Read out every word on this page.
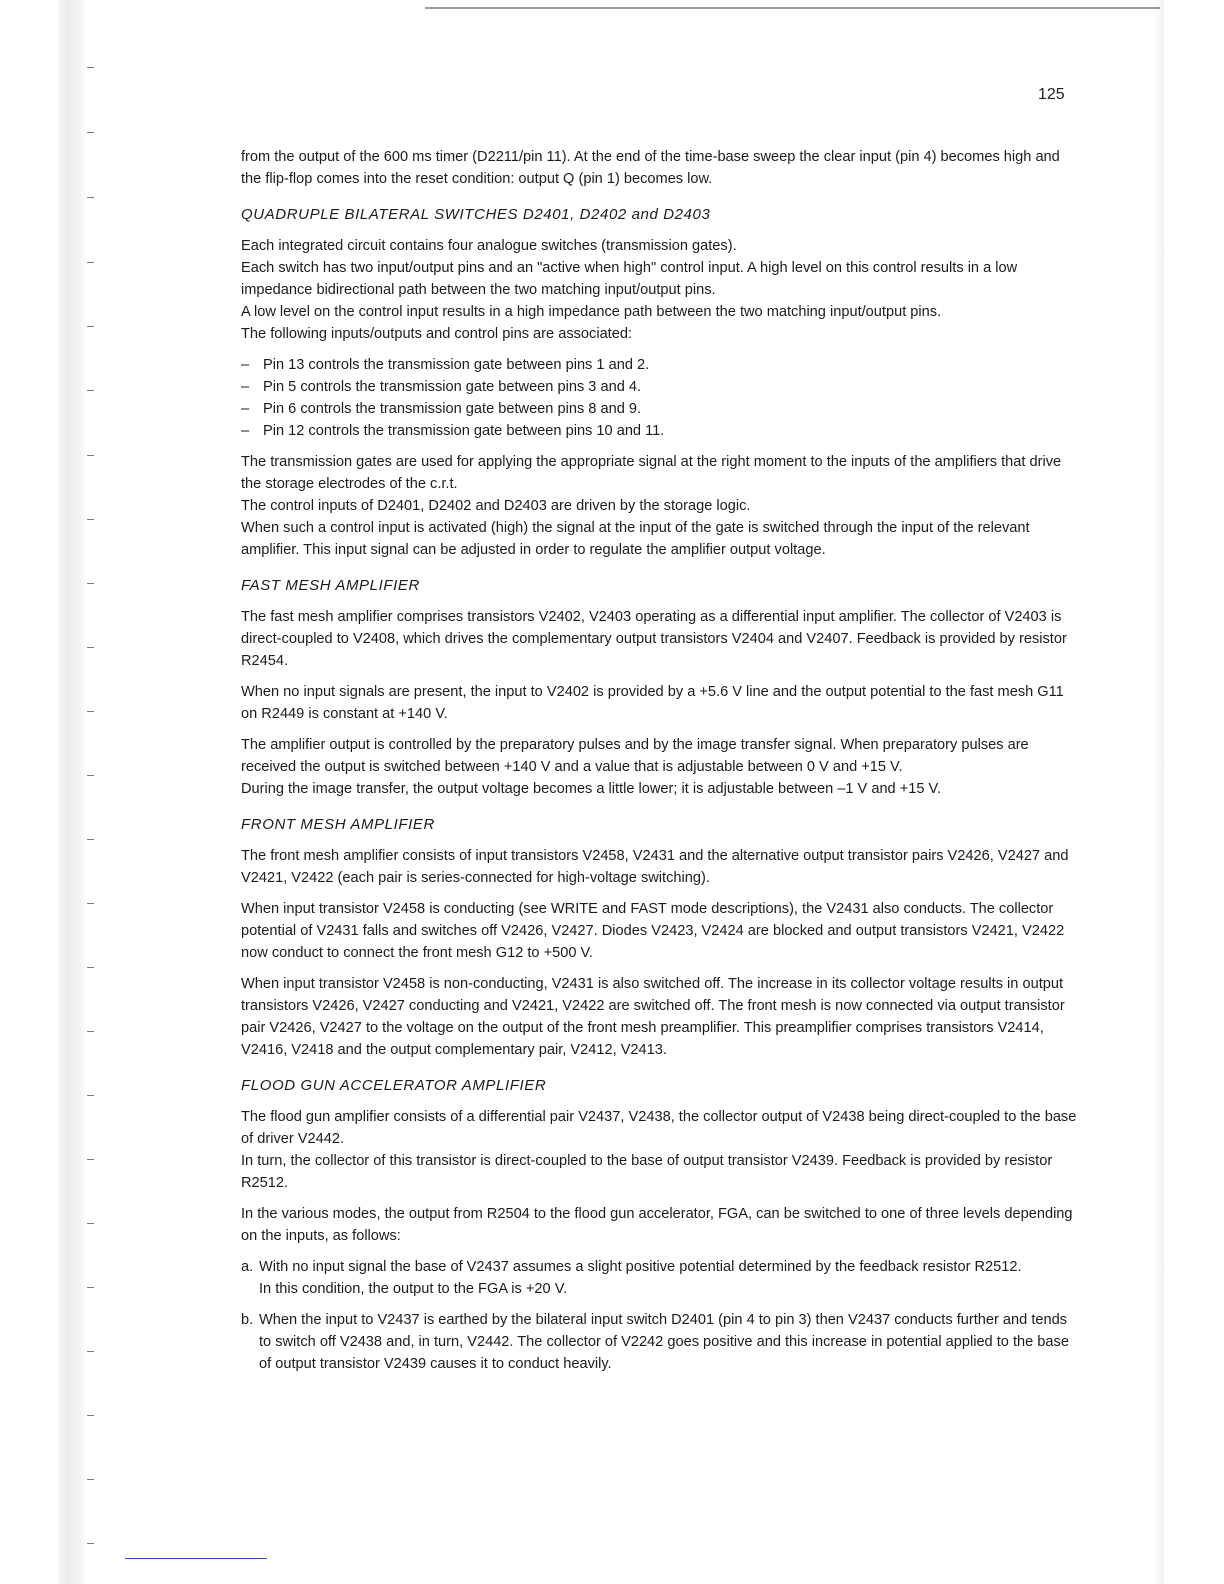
125

from the output of the 600 ms timer (D2211/pin 11). At the end of the time-base sweep the clear input (pin 4) becomes high and the flip-flop comes into the reset condition: output Q (pin 1) becomes low.

QUADRUPLE BILATERAL SWITCHES D2401, D2402 and D2403

Each integrated circuit contains four analogue switches (transmission gates).

Each switch has two input/output pins and an "active when high" control input. A high level on this control results in a low impedance bidirectional path between the two matching input/output pins.

A low level on the control input results in a high impedance path between the two matching input/output pins.

The following inputs/outputs and control pins are associated:

– Pin 13 controls the transmission gate between pins 1 and 2.
– Pin 5 controls the transmission gate between pins 3 and 4.
– Pin 6 controls the transmission gate between pins 8 and 9.
– Pin 12 controls the transmission gate between pins 10 and 11.

The transmission gates are used for applying the appropriate signal at the right moment to the inputs of the amplifiers that drive the storage electrodes of the c.r.t.

The control inputs of D2401, D2402 and D2403 are driven by the storage logic.

When such a control input is activated (high) the signal at the input of the gate is switched through the input of the relevant amplifier. This input signal can be adjusted in order to regulate the amplifier output voltage.

FAST MESH AMPLIFIER

The fast mesh amplifier comprises transistors V2402, V2403 operating as a differential input amplifier. The collector of V2403 is direct-coupled to V2408, which drives the complementary output transistors V2404 and V2407. Feedback is provided by resistor R2454.

When no input signals are present, the input to V2402 is provided by a +5.6 V line and the output potential to the fast mesh G11 on R2449 is constant at +140 V.

The amplifier output is controlled by the preparatory pulses and by the image transfer signal. When preparatory pulses are received the output is switched between +140 V and a value that is adjustable between 0 V and +15 V.

During the image transfer, the output voltage becomes a little lower; it is adjustable between –1 V and +15 V.

FRONT MESH AMPLIFIER

The front mesh amplifier consists of input transistors V2458, V2431 and the alternative output transistor pairs V2426, V2427 and V2421, V2422 (each pair is series-connected for high-voltage switching).

When input transistor V2458 is conducting (see WRITE and FAST mode descriptions), the V2431 also conducts. The collector potential of V2431 falls and switches off V2426, V2427. Diodes V2423, V2424 are blocked and output transistors V2421, V2422 now conduct to connect the front mesh G12 to +500 V.

When input transistor V2458 is non-conducting, V2431 is also switched off. The increase in its collector voltage results in output transistors V2426, V2427 conducting and V2421, V2422 are switched off. The front mesh is now connected via output transistor pair V2426, V2427 to the voltage on the output of the front mesh preamplifier. This preamplifier comprises transistors V2414, V2416, V2418 and the output complementary pair, V2412, V2413.

FLOOD GUN ACCELERATOR AMPLIFIER

The flood gun amplifier consists of a differential pair V2437, V2438, the collector output of V2438 being direct-coupled to the base of driver V2442.

In turn, the collector of this transistor is direct-coupled to the base of output transistor V2439. Feedback is provided by resistor R2512.

In the various modes, the output from R2504 to the flood gun accelerator, FGA, can be switched to one of three levels depending on the inputs, as follows:

a. With no input signal the base of V2437 assumes a slight positive potential determined by the feedback resistor R2512.
In this condition, the output to the FGA is +20 V.
b. When the input to V2437 is earthed by the bilateral input switch D2401 (pin 4 to pin 3) then V2437 conducts further and tends to switch off V2438 and, in turn, V2442. The collector of V2242 goes positive and this increase in potential applied to the base of output transistor V2439 causes it to conduct heavily.
